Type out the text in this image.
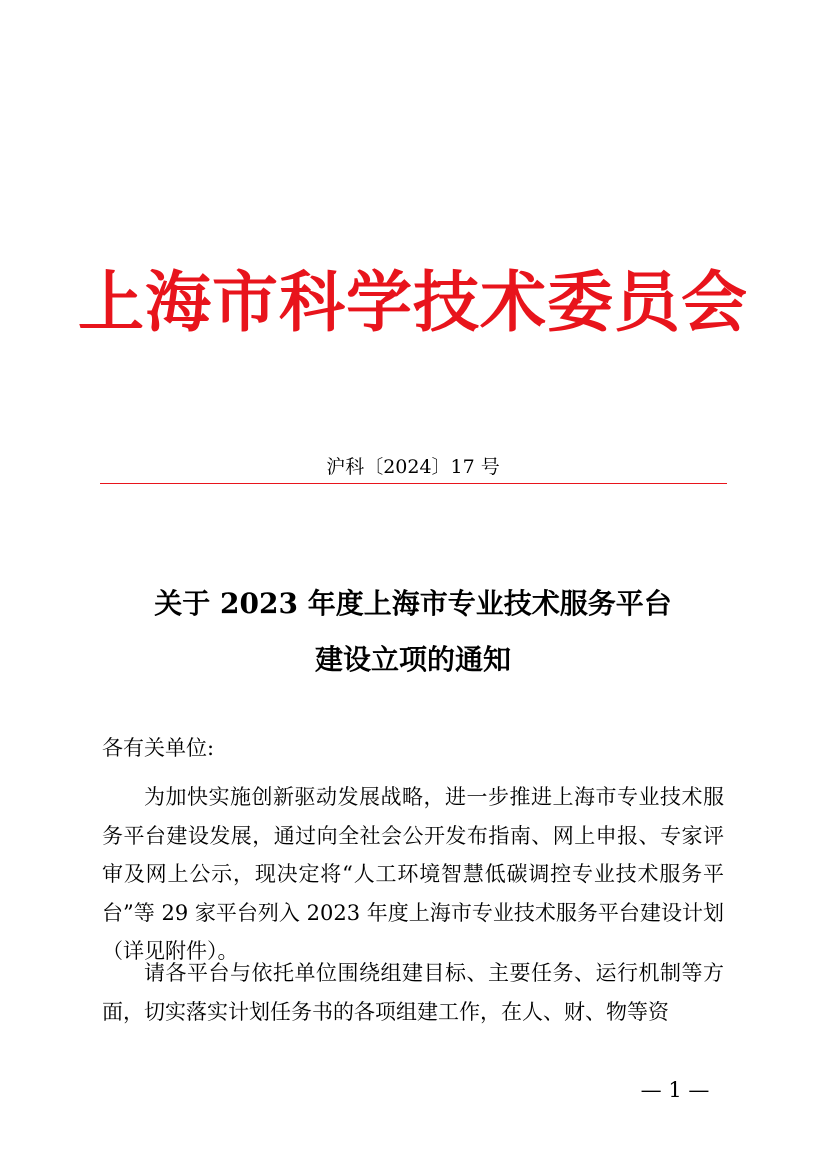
上海市科学技术委员会
沪科〔2024〕17 号
关于 2023 年度上海市专业技术服务平台
建设立项的通知
各有关单位:

为加快实施创新驱动发展战略，进一步推进上海市专业技术服务平台建设发展，通过向全社会公开发布指南、网上申报、专家评审及网上公示，现决定将“人工环境智慧低碳调控专业技术服务平台”等 29 家平台列入 2023 年度上海市专业技术服务平台建设计划（详见附件）。

请各平台与依托单位围绕组建目标、主要任务、运行机制等方面，切实落实计划任务书的各项组建工作，在人、财、物等资

— 1 —
